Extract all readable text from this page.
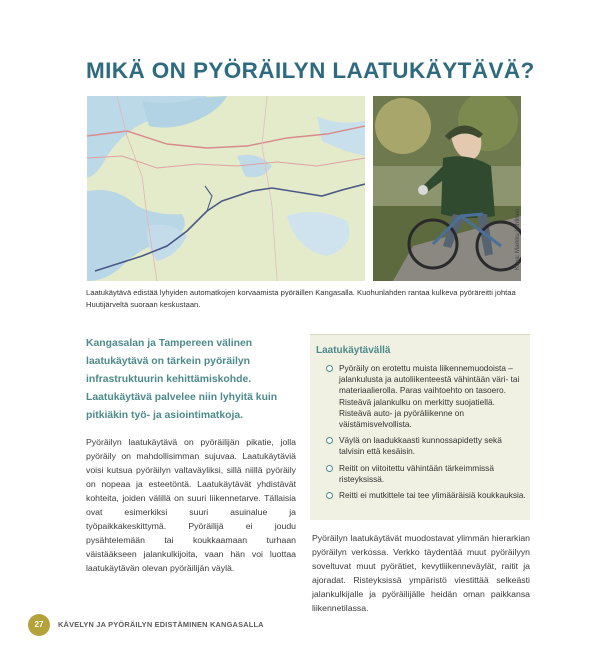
MIKÄ ON PYÖRÄILYN LAATUKÄYTÄVÄ?
Kuva: Markku Lehtinen

Laatukäytävä edistää lyhyiden automatkojen korvaamista pyöräillen Kangasalla. Kuohunlahden rantaa kulkeva pyöräreitti johtaa Huutijärveltä suoraan keskustaan.

Kangasalan ja Tampereen välinen laatukäytävä on tärkein pyöräilyn infrastruktuurin kehittämiskohde. Laatukäytävä palvelee niin lyhyitä kuin pitkiäkin työ- ja asiointimatkoja.

Pyöräilyn laatukäytävä on pyöräilijän pikatie, jolla pyöräily on mahdollisimman sujuvaa. Laatukäytäviä voisi kutsua pyöräilyn valtaväyliksi, sillä niillä pyöräily on nopeaa ja esteetöntä. Laatukäytävät yhdistävät kohteita, joiden välillä on suuri liikennetarve. Tällaisia ovat esimerkiksi suuri asuinalue ja työpaikkakeskittymä. Pyöräilijä ei joudu pysähtelemään tai koukkaamaan turhaan väistääkseen jalankulkijoita, vaan hän voi luottaa laatukäytävän olevan pyöräilijän väylä.

Laatukäytävällä
Pyöräily on erotettu muista liikennemuodoista – jalankulusta ja autoliikenteestä vähintään väri- tai materiaalierolla. Paras vaihtoehto on tasoero. Risteävä jalankulku on merkitty suojatiellä. Risteävä auto- ja pyöräliikenne on väistämisvelvollista.
Väylä on laadukkaasti kunnossapidetty sekä talvisin että kesäisin.
Reitit on viitoitettu vähintään tärkeimmissä risteyksissä.
Reitti ei mutkittele tai tee ylimääräisiä koukkauksia.

Pyöräilyn laatukäytävät muodostavat ylimmän hierarkian pyöräilyn verkossa. Verkko täydentää muut pyöräilyyn soveltuvat muut pyörätiet, kevytliikenneväylät, raitit ja ajoradat. Risteyksissä ympäristö viestittää selkeästi jalankulkijalle ja pyöräilijälle heidän oman paikkansa liikennetilassa.

27	KÄVELYN JA PYÖRÄILYN EDISTÄMINEN KANGASALLA
